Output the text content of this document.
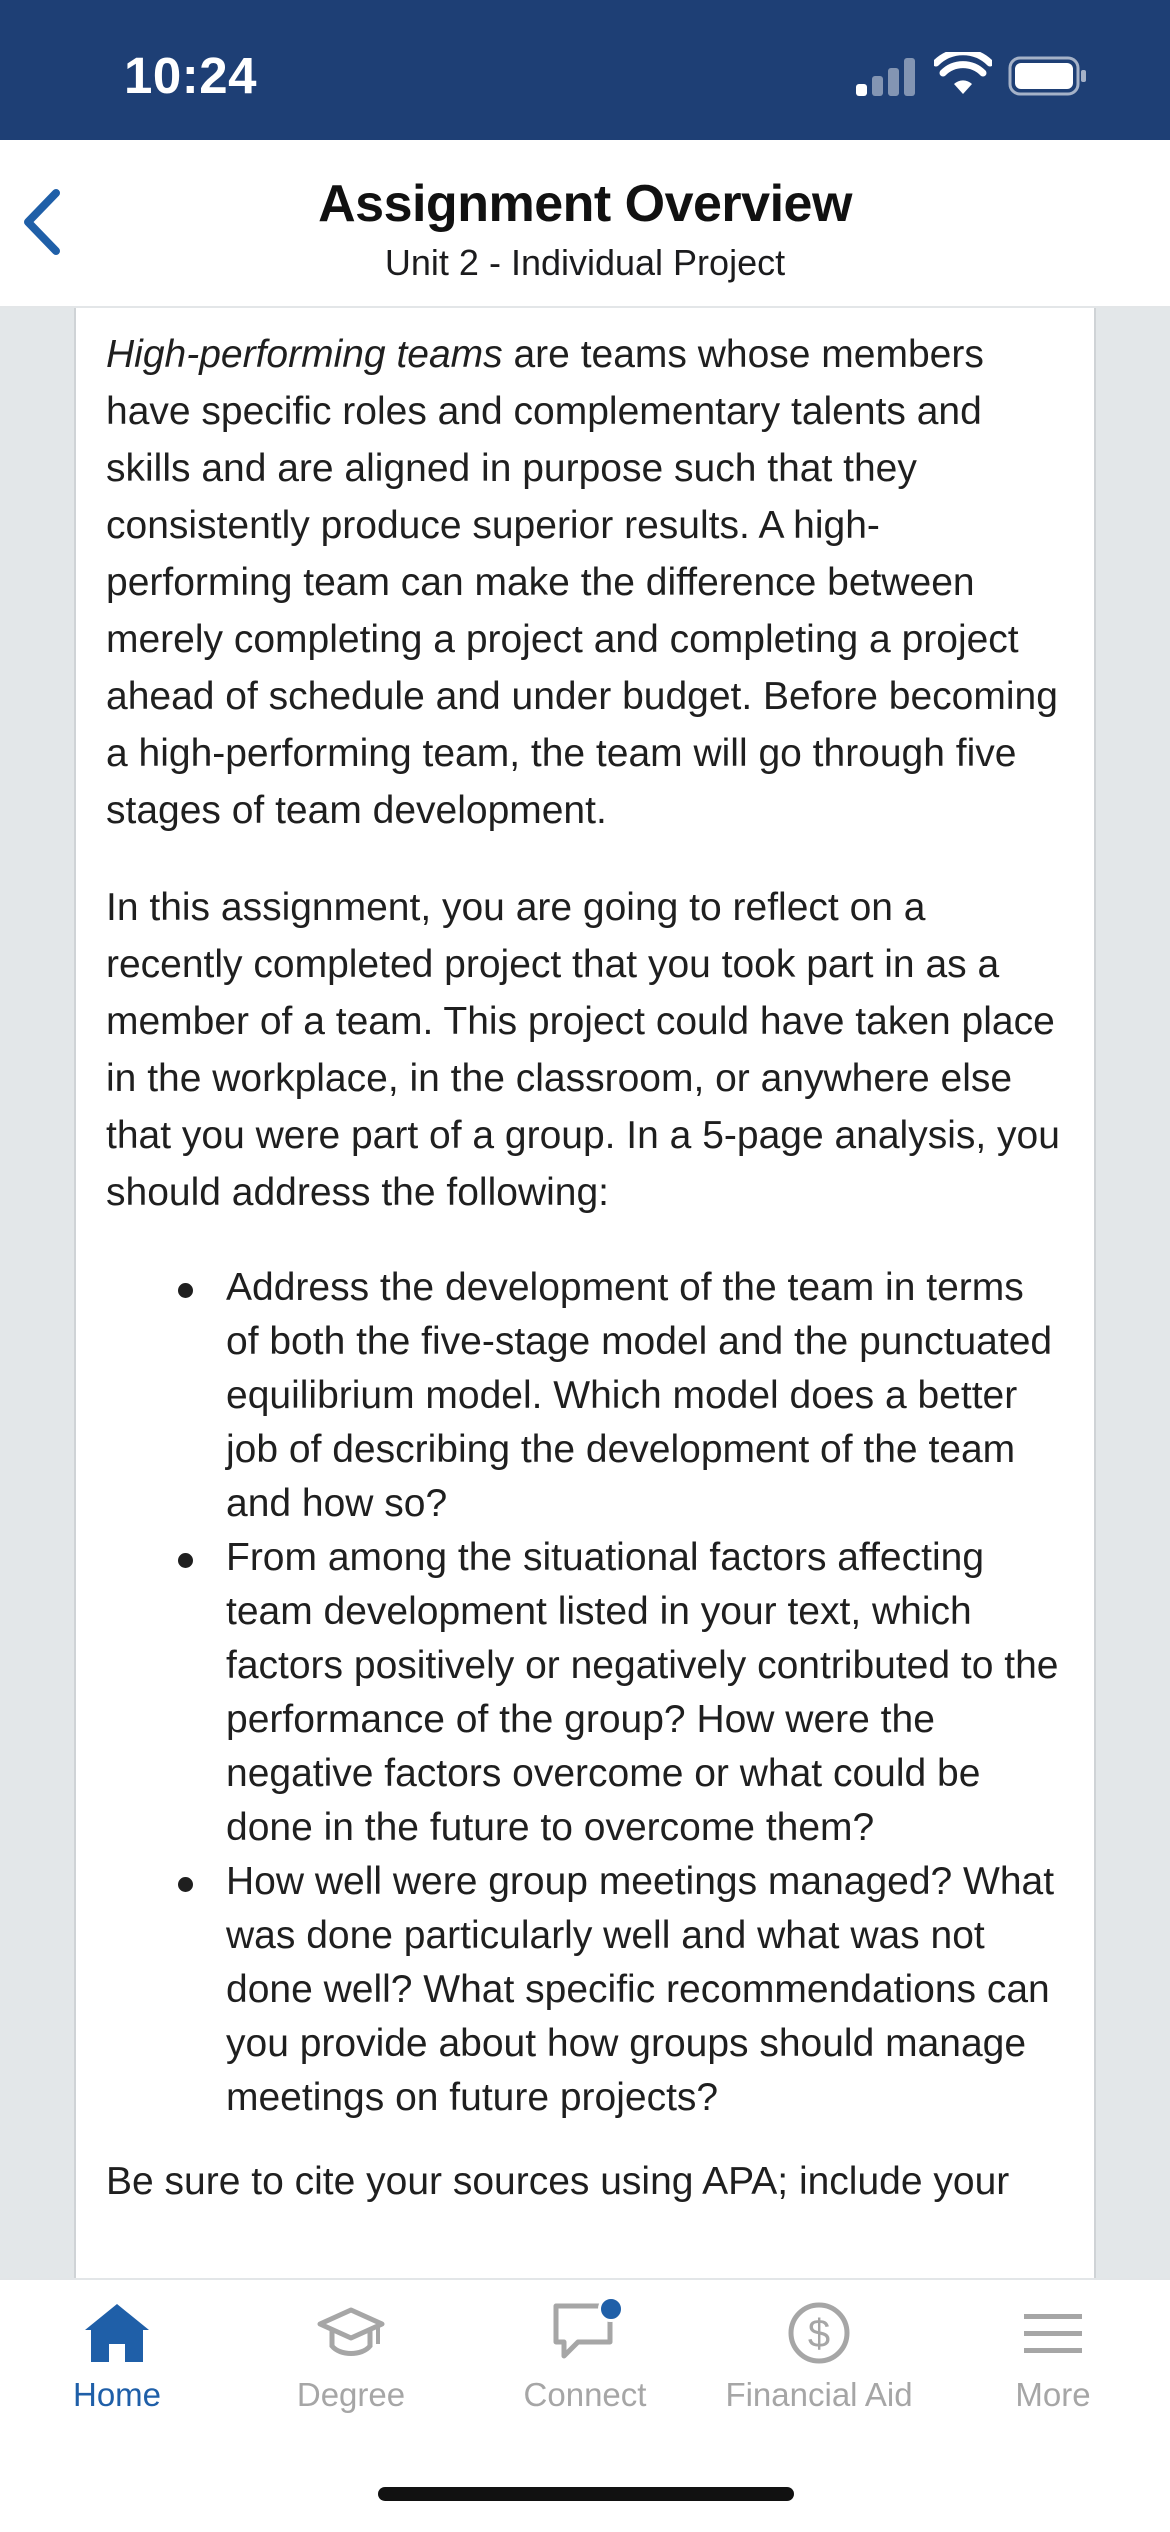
10:24
Assignment Overview
Unit 2 - Individual Project

High-performing teams are teams whose members have specific roles and complementary talents and skills and are aligned in purpose such that they consistently produce superior results. A high-performing team can make the difference between merely completing a project and completing a project ahead of schedule and under budget. Before becoming a high-performing team, the team will go through five stages of team development.

In this assignment, you are going to reflect on a recently completed project that you took part in as a member of a team. This project could have taken place in the workplace, in the classroom, or anywhere else that you were part of a group. In a 5-page analysis, you should address the following:

Address the development of the team in terms of both the five-stage model and the punctuated equilibrium model. Which model does a better job of describing the development of the team and how so?
From among the situational factors affecting team development listed in your text, which factors positively or negatively contributed to the performance of the group? How were the negative factors overcome or what could be done in the future to overcome them?
How well were group meetings managed? What was done particularly well and what was not done well? What specific recommendations can you provide about how groups should manage meetings on future projects?

Be sure to cite your sources using APA; include your

Home	Degree	Connect
$
Financial Aid	More
